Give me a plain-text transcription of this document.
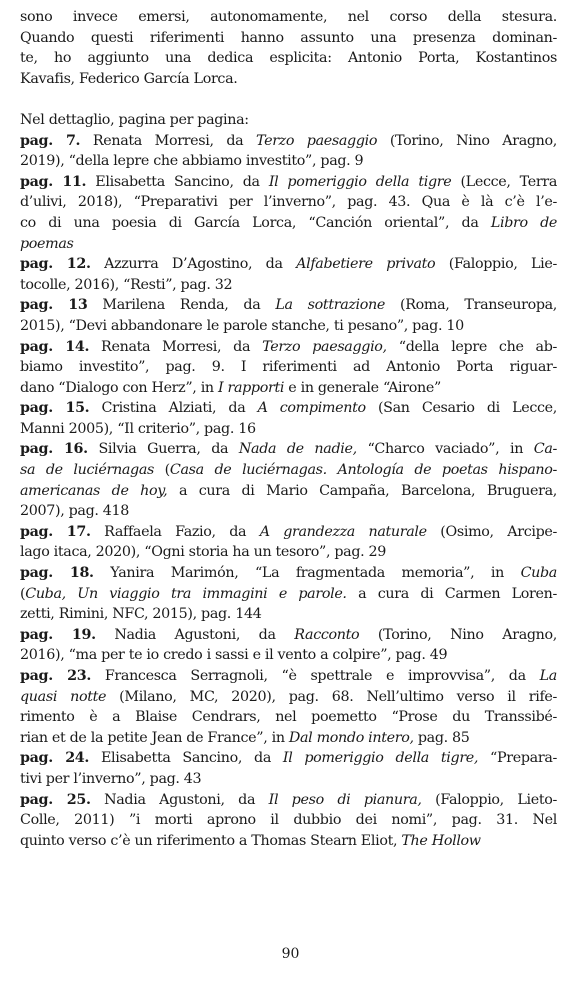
sono invece emersi, autonomamente, nel corso della stesura.
Quando questi riferimenti hanno assunto una presenza dominan-
te, ho aggiunto una dedica esplicita: Antonio Porta, Kostantinos
Kavafis, Federico García Lorca.
Nel dettaglio, pagina per pagina:
pag. 7. Renata Morresi, da Terzo paesaggio (Torino, Nino Aragno,
2019), “della lepre che abbiamo investito”, pag. 9
pag. 11. Elisabetta Sancino, da Il pomeriggio della tigre (Lecce, Terra
d’ulivi, 2018), “Preparativi per l’inverno”, pag. 43. Qua è là c’è l’e-
co di una poesia di García Lorca, “Canción oriental”, da Libro de
poemas
pag. 12. Azzurra D’Agostino, da Alfabetiere privato (Faloppio, Lie-
tocolle, 2016), “Resti”, pag. 32
pag. 13 Marilena Renda, da La sottrazione (Roma, Transeuropa,
2015), “Devi abbandonare le parole stanche, ti pesano”, pag. 10
pag. 14. Renata Morresi, da Terzo paesaggio, “della lepre che ab-
biamo investito”, pag. 9. I riferimenti ad Antonio Porta riguar-
dano “Dialogo con Herz”, in I rapporti e in generale “Airone”
pag. 15. Cristina Alziati, da A compimento (San Cesario di Lecce,
Manni 2005), “Il criterio”, pag. 16
pag. 16. Silvia Guerra, da Nada de nadie, “Charco vaciado”, in Ca-
sa de luciérnagas (Casa de luciérnagas. Antología de poetas hispano-
americanas de hoy, a cura di Mario Campaña, Barcelona, Bruguera,
2007), pag. 418
pag. 17. Raffaela Fazio, da A grandezza naturale (Osimo, Arcipe-
lago itaca, 2020), “Ogni storia ha un tesoro”, pag. 29
pag. 18. Yanira Marimón, “La fragmentada memoria”, in Cuba
(Cuba, Un viaggio tra immagini e parole. a cura di Carmen Loren-
zetti, Rimini, NFC, 2015), pag. 144
pag. 19. Nadia Agustoni, da Racconto (Torino, Nino Aragno,
2016), “ma per te io credo i sassi e il vento a colpire”, pag. 49
pag. 23. Francesca Serragnoli, “è spettrale e improvvisa”, da La
quasi notte (Milano, MC, 2020), pag. 68. Nell’ultimo verso il rife-
rimento è a Blaise Cendrars, nel poemetto “Prose du Transsibé-
rian et de la petite Jean de France”, in Dal mondo intero, pag. 85
pag. 24. Elisabetta Sancino, da Il pomeriggio della tigre, “Prepara-
tivi per l’inverno”, pag. 43
pag. 25. Nadia Agustoni, da Il peso di pianura, (Faloppio, Lieto-
Colle, 2011) ”i morti aprono il dubbio dei nomi”, pag. 31. Nel
quinto verso c’è un riferimento a Thomas Stearn Eliot, The Hollow
90
